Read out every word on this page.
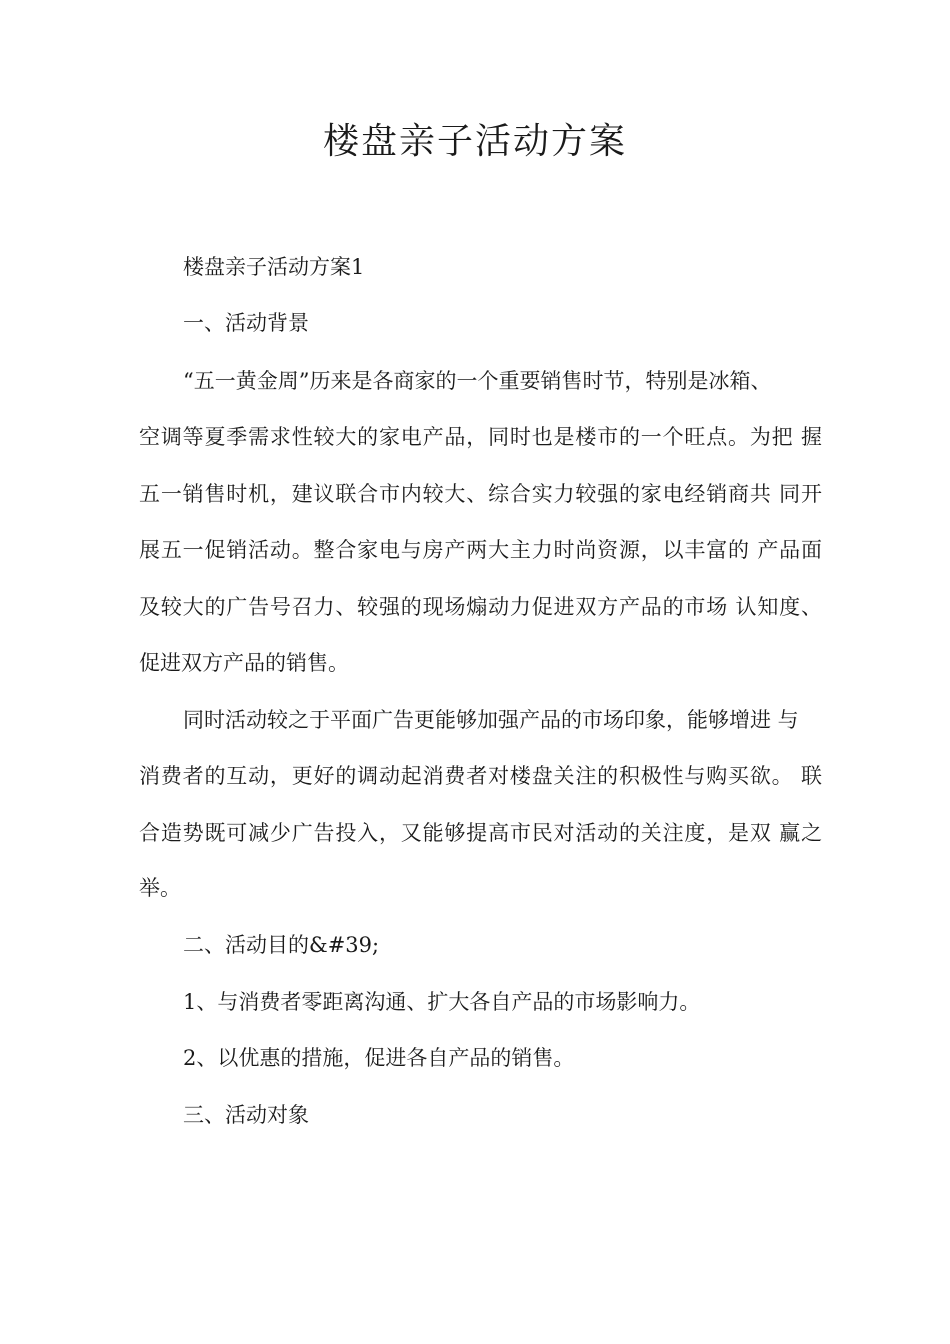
楼盘亲子活动方案

楼盘亲子活动方案1

一、活动背景

“五一黄金周”历来是各商家的一个重要销售时节，特别是冰箱、

空调等夏季需求性较大的家电产品，同时也是楼市的一个旺点。为把 握

五一销售时机，建议联合市内较大、综合实力较强的家电经销商共 同开

展五一促销活动。整合家电与房产两大主力时尚资源，以丰富的 产品面

及较大的广告号召力、较强的现场煽动力促进双方产品的市场 认知度、

促进双方产品的销售。

同时活动较之于平面广告更能够加强产品的市场印象，能够增进 与

消费者的互动，更好的调动起消费者对楼盘关注的积极性与购买欲。 联

合造势既可减少广告投入，又能够提高市民对活动的关注度，是双 赢之

举。

二、活动目的&#39;

1、与消费者零距离沟通、扩大各自产品的市场影响力。

2、以优惠的措施，促进各自产品的销售。

三、活动对象
